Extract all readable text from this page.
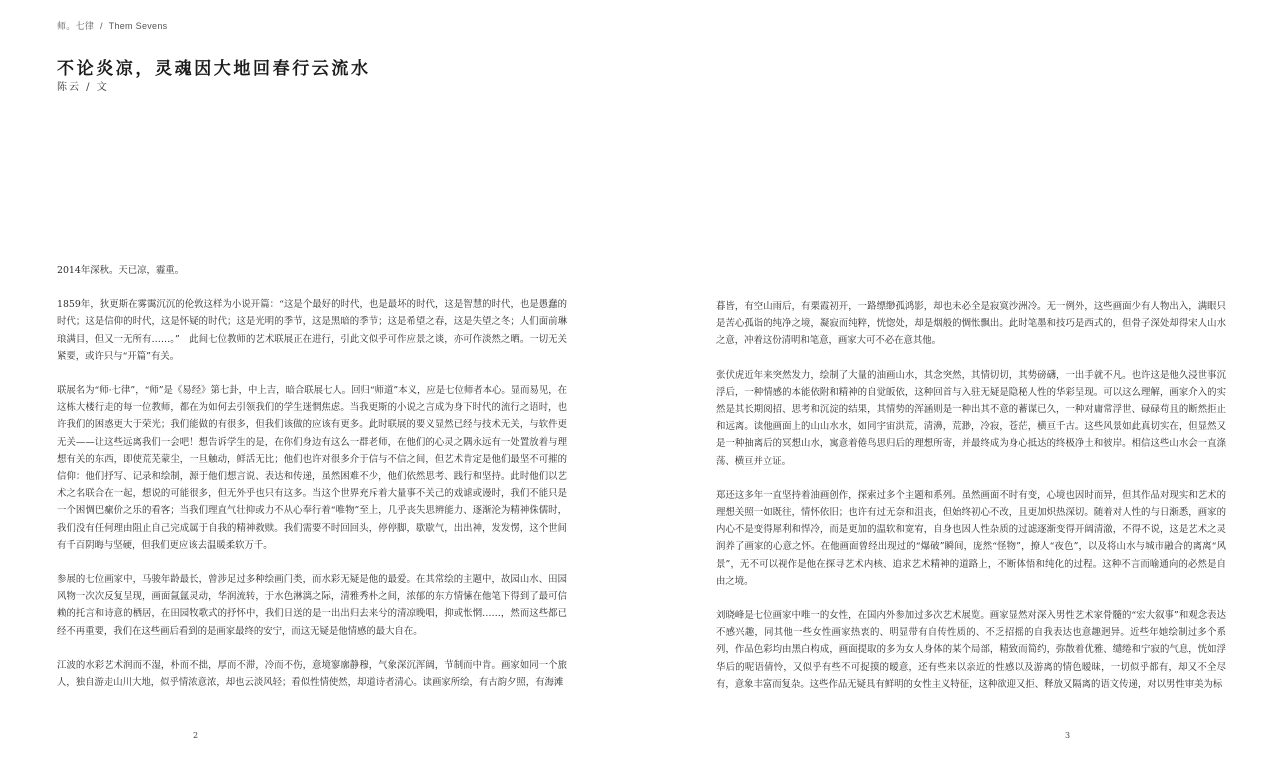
师。七律 / Them Sevens
不论炎凉，灵魂因大地回春行云流水
陈云 / 文

2014年深秋。天已凉，霾重。

1859年，狄更斯在雾霭沉沉的伦敦这样为小说开篇：“这是个最好的时代，也是最坏的时代，这是智慧的时代，也是愚蠢的时代；这是信仰的时代，这是怀疑的时代；这是光明的季节，这是黑暗的季节；这是希望之春，这是失望之冬；人们面前琳琅满目，但又一无所有……。”　此间七位教师的艺术联展正在进行，引此文似乎可作应景之谈，亦可作淡然之晒。一切无关紧要，或许只与“开篇”有关。

联展名为“师·七律”，“师”是《易经》第七卦，中上吉，暗合联展七人。回归“师道”本义，应是七位师者本心。显而易见，在这栋大楼行走的每一位教师，都在为如何去引领我们的学生迷惘焦虑。当我更斯的小说之言成为身下时代的流行之语时，也许我们的困惑更大于荣光；我们能做的有很多，但我们该做的应该有更多。此时联展的要义显然已经与技术无关，与软件更无关——让这些远离我们一会吧！想告诉学生的是，在你们身边有这么一群老师，在他们的心灵之隅永远有一处置放着与理想有关的东西，即使荒芜蒙尘，一旦触动，鲜活无比；他们也许对很多介于信与不信之间，但艺术肯定是他们最坚不可摧的信仰：他们抒写、记录和绘制，源于他们想言说、表达和传递，虽然困难不少，他们依然思考、践行和坚持。此时他们以艺术之名联合在一起，想说的可能很多，但无外乎也只有这多。当这个世界充斥着大量事不关己的戏谑或谩时，我们不能只是一个困惆巴瘰价之乐的看客；当我们理直气壮抑或力不从心奉行着“唯物”至上，几乎丧失思辨能力、逐渐沦为精神侏儒时，我们没有任何理由阻止自己完成属于自我的精神救赎。我们需要不时回回头，停停脚，歇歇气，出出神，发发愣，这个世间有千百阴晦与坚硬，但我们更应该去温暖柔软万千。

参展的七位画家中，马骏年龄最长，曾涉足过多种绘画门类，而水彩无疑是他的最爱。在其常绘的主题中，故园山水、田园风物一次次反复呈现，画面氤氲灵动，华润流转，于水色淋漓之际，清雅秀朴之间，浓郁的东方情愫在他笔下得到了最可信赖的托言和诗意的栖居，在田园牧歌式的抒怀中，我们日送的是一出出归去来兮的清凉晚唱，抑或怅惘……，然而这些都已经不再重要，我们在这些画后看到的是画家最终的安宁，而这无疑是他情感的最大自在。

江波的水彩艺术润而不湿，朴而不拙，厚而不滞，冷而不伤，意境寥廓静穆，气象深沉浑阔，节制而中肯。画家如同一个旅人，独自游走山川大地，似乎情浓意浓，却也云淡风轻；看似性情使然，却道诗者清心。读画家所绘，有古韵夕照，有海滩

暮皆，有空山雨后，有栗霞初开，一路缥缈孤鸿影，却也未必全是寂寞沙洲冷。无一例外，这些画面少有人物出入，满眼只是苦心孤诣的纯净之境，凝寂而纯粹，恍惚处，却是烟般的惆怅飘出。此时笔墨和技巧是西式的，但骨子深处却得宋人山水之意，冲着这份清明和笔意，画家大可不必在意其他。

张伏虎近年来突然发力，绘制了大量的油画山水，其念突然，其情切切，其势磅礴，一出手就不凡。也许这是他久浸世事沉浮后，一种情感的本能依附和精神的自觉皈依，这种回首与入驻无疑是隐秘人性的华彩呈现。可以这么理解，画家介入的实然是其长期阅招、思考和沉淀的结果，其情势的浑涵则是一种出其不意的蓄谋已久，一种对庸常浮世、碌碌苟且的断然拒止和远离。读他画面上的山山水水，如同宇宙洪荒，清濞，荒渺，冷寂，苍茫，横亘千古。这些风景如此真切实在，但显然又是一种抽离后的冥想山水，寓意着倦鸟思归后的理想所寄，并最终成为身心抵达的终极净土和彼岸。相信这些山水会一直涤荡、横亘并立证。

郑还这多年一直坚持着油画创作，探索过多个主题和系列。虽然画面不时有变，心境也因时而异，但其作品对现实和艺术的理想关照一如既往，情怀依旧；也许有过无奈和沮丧，但始终初心不改，且更加炽热深切。随着对人性的与日渐悉，画家的内心不是变得犀利和悍冷，而是更加的温软和宽宥，自身也因人性杂质的过滤逐渐变得开阔清澈，不得不说，这是艺术之灵润养了画家的心意之怀。在他画面曾经出现过的“爆破”瞬间，庞然“怪物”，撩人“夜色”，以及将山水与城市融合的离离“风景”，无不可以视作是他在探寻艺术内核、追求艺术精神的道路上，不断体悟和纯化的过程。这种不言而喻通向的必然是自由之境。

刘晓峰是七位画家中唯一的女性，在国内外参加过多次艺术展览。画家显然对深入男性艺术家骨髓的“宏大叙事”和观念表达不感兴趣，同其他一些女性画家热衷的、明显带有自传性质的、不乏招摇的自我表达也意趣迥异。近些年她绘制过多个系列，作品色彩均由黑白构成，画面提取的多为女人身体的某个局部，精致而简约，弥散着优雅、缱绻和宁寂的气息，恍如浮华后的呢语倩怜，又似乎有些不可捉摸的暧意，还有些来以亲近的性感以及游离的情色暧昧，一切似乎都有，却又不全尽有，意象丰富而复杂。这些作品无疑具有鲜明的女性主义特征，这种欲迎又拒、释放又隔离的语文传递，对以男性审美为标

2	3
